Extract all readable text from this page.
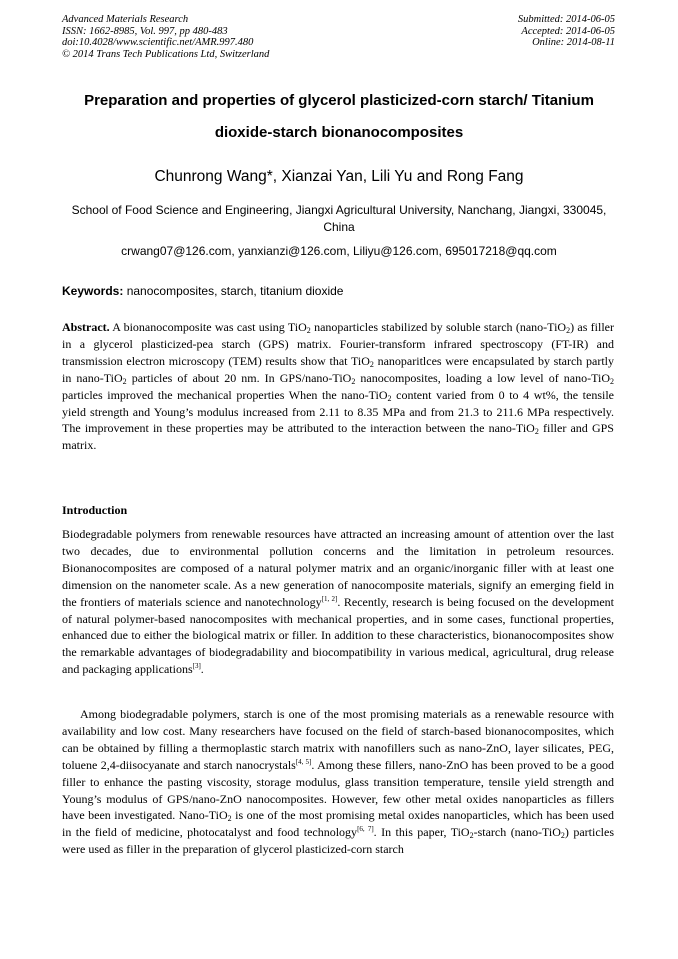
Advanced Materials Research
ISSN: 1662-8985, Vol. 997, pp 480-483
doi:10.4028/www.scientific.net/AMR.997.480
© 2014 Trans Tech Publications Ltd, Switzerland
Submitted: 2014-06-05
Accepted: 2014-06-05
Online: 2014-08-11
Preparation and properties of glycerol plasticized-corn starch/ Titanium
dioxide-starch bionanocomposites
Chunrong Wang*, Xianzai Yan, Lili Yu and Rong Fang
School of Food Science and Engineering, Jiangxi Agricultural University, Nanchang, Jiangxi, 330045, China
crwang07@126.com, yanxianzi@126.com, Liliyu@126.com, 695017218@qq.com
Keywords: nanocomposites, starch, titanium dioxide

Abstract. A bionanocomposite was cast using TiO$_2$ nanoparticles stabilized by soluble starch (nano-TiO$_2$) as filler in a glycerol plasticized-pea starch (GPS) matrix. Fourier-transform infrared spectroscopy (FT-IR) and transmission electron microscopy (TEM) results show that TiO$_2$ nanoparitlces were encapsulated by starch partly in nano-TiO$_2$ particles of about 20 nm. In GPS/nano-TiO$_2$ nanocomposites, loading a low level of nano-TiO$_2$ particles improved the mechanical properties When the nano-TiO$_2$ content varied from 0 to 4 wt%, the tensile yield strength and Young’s modulus increased from 2.11 to 8.35 MPa and from 21.3 to 211.6 MPa respectively. The improvement in these properties may be attributed to the interaction between the nano-TiO$_2$ filler and GPS matrix.

Introduction

Biodegradable polymers from renewable resources have attracted an increasing amount of attention over the last two decades, due to environmental pollution concerns and the limitation in petroleum resources. Bionanocomposites are composed of a natural polymer matrix and an organic/inorganic filler with at least one dimension on the nanometer scale. As a new generation of nanocomposite materials, signify an emerging field in the frontiers of materials science and nanotechnology[1, 2]. Recently, research is being focused on the development of natural polymer-based nanocomposites with mechanical properties, and in some cases, functional properties, enhanced due to either the biological matrix or filler. In addition to these characteristics, bionanocomposites show the remarkable advantages of biodegradability and biocompatibility in various medical, agricultural, drug release and packaging applications[3].

Among biodegradable polymers, starch is one of the most promising materials as a renewable resource with availability and low cost. Many researchers have focused on the field of starch-based bionanocomposites, which can be obtained by filling a thermoplastic starch matrix with nanofillers such as nano-ZnO, layer silicates, PEG, toluene 2,4-diisocyanate and starch nanocrystals[4, 5]. Among these fillers, nano-ZnO has been proved to be a good filler to enhance the pasting viscosity, storage modulus, glass transition temperature, tensile yield strength and Young’s modulus of GPS/nano-ZnO nanocomposites. However, few other metal oxides nanoparticles as fillers have been investigated. Nano-TiO$_2$ is one of the most promising metal oxides nanoparticles, which has been used in the field of medicine, photocatalyst and food technology[6, 7]. In this paper, TiO$_2$-starch (nano-TiO$_2$) particles were used as filler in the preparation of glycerol plasticized-corn starch
